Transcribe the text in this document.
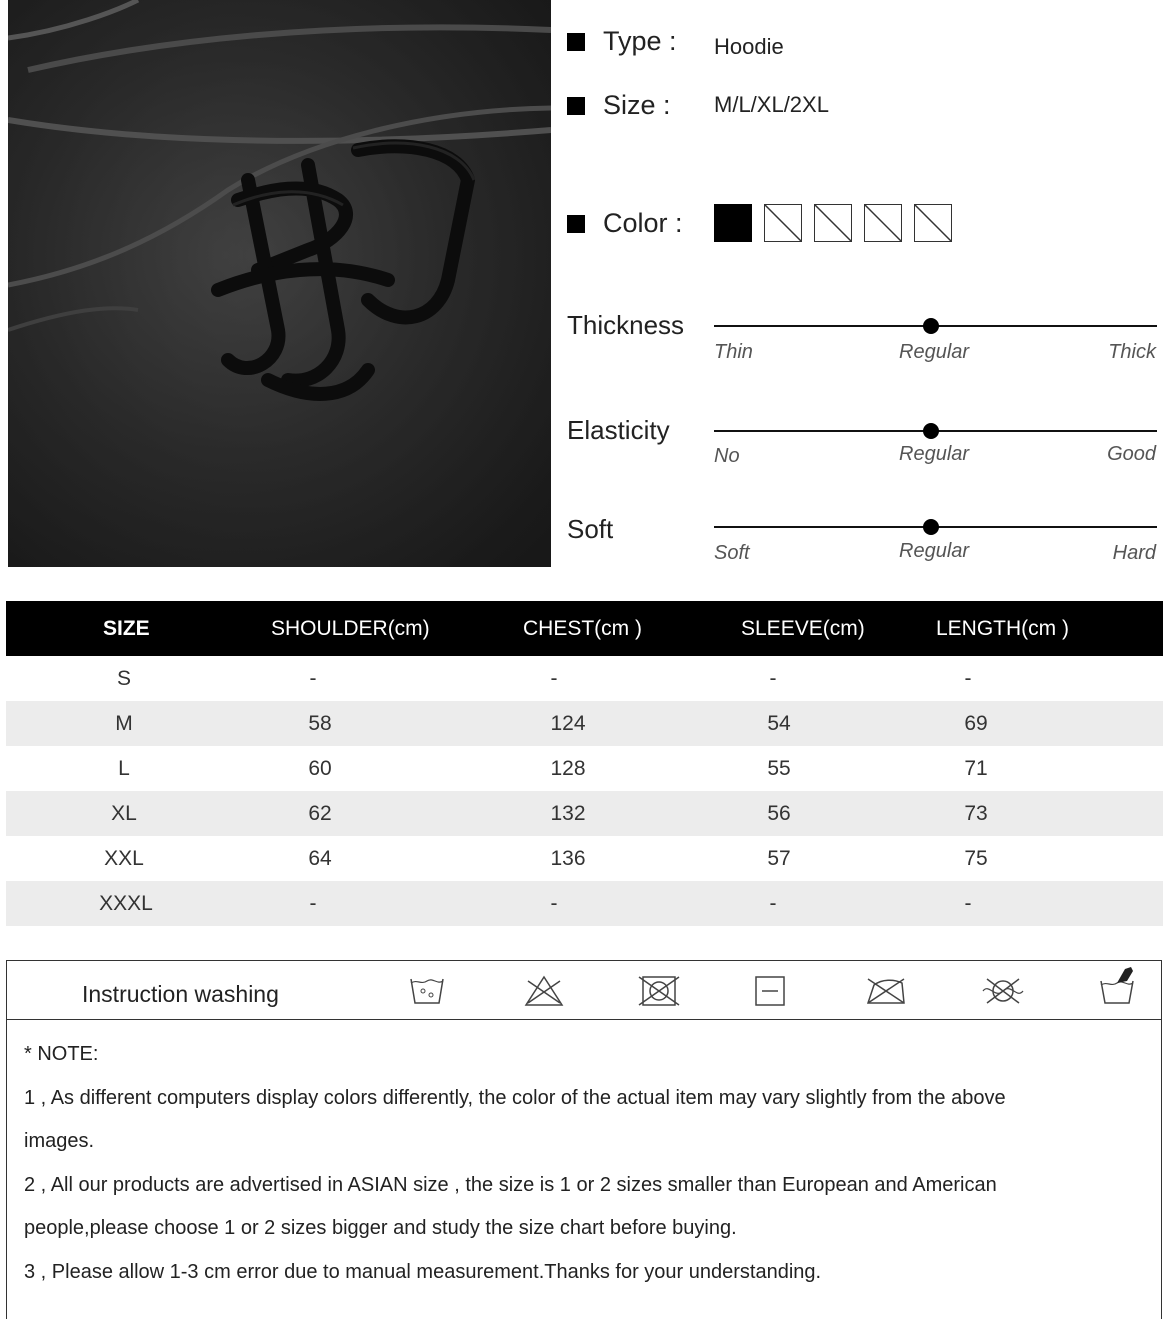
Type : Hoodie
Size : M/L/XL/2XL
Color :
Thickness
Thin	Regular	Thick
Elasticity
No	Regular	Good
Soft
Soft	Regular	Hard
SIZE	SHOULDER(cm)	CHEST(cm )	SLEEVE(cm)	LENGTH(cm )
S	-	-	-	-
M	58	124	54	69
L	60	128	55	71
XL	62	132	56	73
XXL	64	136	57	75
XXXL	-	-	-	-
Instruction washing
* NOTE:
1 , As different computers display colors differently, the color of the actual item may vary slightly from the above
images.
2 , All our products are advertised in ASIAN size , the size is 1 or 2 sizes smaller than European and American
people,please choose 1 or 2 sizes bigger and study the size chart before buying.
3 , Please allow 1-3 cm error due to manual measurement.Thanks for your understanding.
